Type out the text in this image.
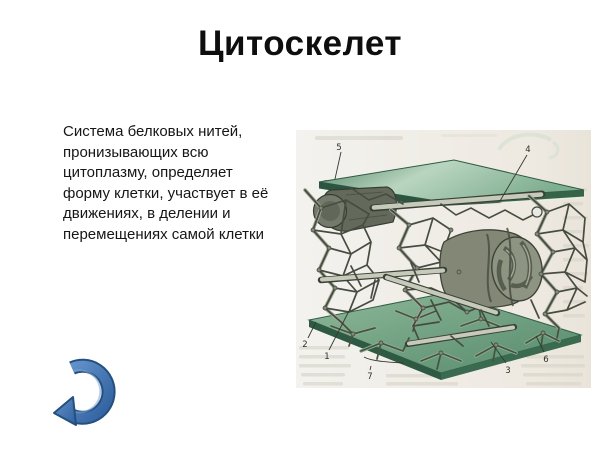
Цитоскелет
Система белковых нитей,
пронизывающих всю
цитоплазму, определяет
форму клетки, участвует в её
движениях, в делении и
перемещениях самой клетки
5	4
2
1
7
3
6
